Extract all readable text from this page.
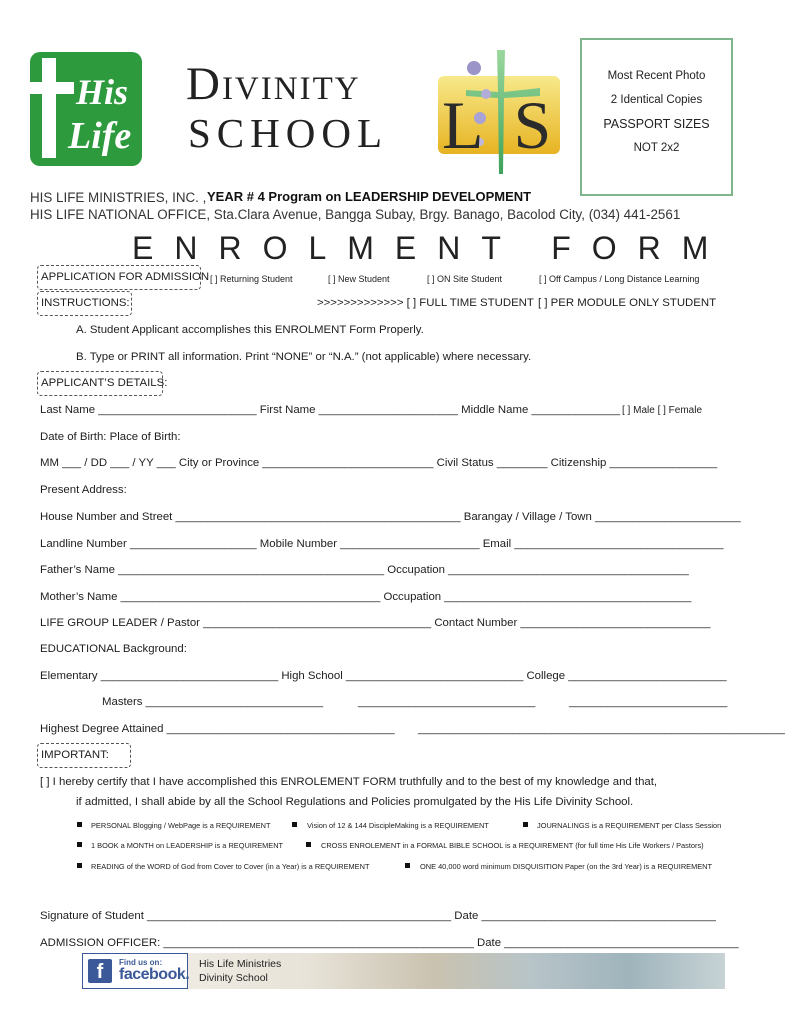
His
Life
Divinity
SCHOOL LS
Most Recent Photo
2 Identical Copies
PASSPORT SIZES
NOT 2x2
HIS LIFE MINISTRIES, INC. , YEAR # 4 Program on LEADERSHIP DEVELOPMENT
HIS LIFE NATIONAL OFFICE, Sta.Clara Avenue, Bangga Subay, Brgy. Banago, Bacolod City, (034) 441-2561
ENROLMENT FORM
APPLICATION FOR ADMISSION [ ] Returning Student	[ ] New Student	[ ] ON Site Student	[ ] Off Campus / Long Distance Learning
INSTRUCTIONS:	>>>>>>>>>>>>> [ ] FULL TIME STUDENT [ ] PER MODULE ONLY STUDENT
A. Student Applicant accomplishes this ENROLMENT Form Properly.
B. Type or PRINT all information. Print “NONE” or “N.A.” (not applicable) where necessary.
APPLICANT’S DETAILS:
Last Name _________________________ First Name ______________________ Middle Name ______________ [ ] Male [ ] Female
Date of Birth: Place of Birth:
MM ___ / DD ___ / YY ___ City or Province ___________________________ Civil Status ________ Citizenship _________________
Present Address:
House Number and Street _____________________________________________ Barangay / Village / Town _______________________
Landline Number ____________________ Mobile Number ______________________ Email _________________________________
Father’s Name __________________________________________ Occupation ______________________________________
Mother’s Name _________________________________________ Occupation _______________________________________
LIFE GROUP LEADER / Pastor ____________________________________ Contact Number ______________________________
EDUCATIONAL Background:
Elementary ____________________________ High School ____________________________ College _________________________
Masters ____________________________	____________________________	_________________________
Highest Degree Attained ____________________________________ __________________________________________________________
IMPORTANT:
[ ] I hereby certify that I have accomplished this ENROLEMENT FORM truthfully and to the best of my knowledge and that,
if admitted, I shall abide by all the School Regulations and Policies promulgated by the His Life Divinity School.
PERSONAL Blogging / WebPage is a REQUIREMENT	Vision of 12 & 144 DiscipleMaking is a REQUIREMENT	JOURNALINGS is a REQUIREMENT per Class Session
1 BOOK a MONTH on LEADERSHIP is a REQUIREMENT	CROSS ENROLEMENT in a FORMAL BIBLE SCHOOL is a REQUIREMENT (for full time His Life Workers / Pastors)
READING of the WORD of God from Cover to Cover (in a Year) is a REQUIREMENT	ONE 40,000 word minimum DISQUISITION Paper (on the 3rd Year) is a REQUIREMENT
Signature of Student ________________________________________________ Date _____________________________________
ADMISSION OFFICER: _________________________________________________ Date _____________________________________
f	Find us on:
facebook.
His Life Ministries
Divinity School
